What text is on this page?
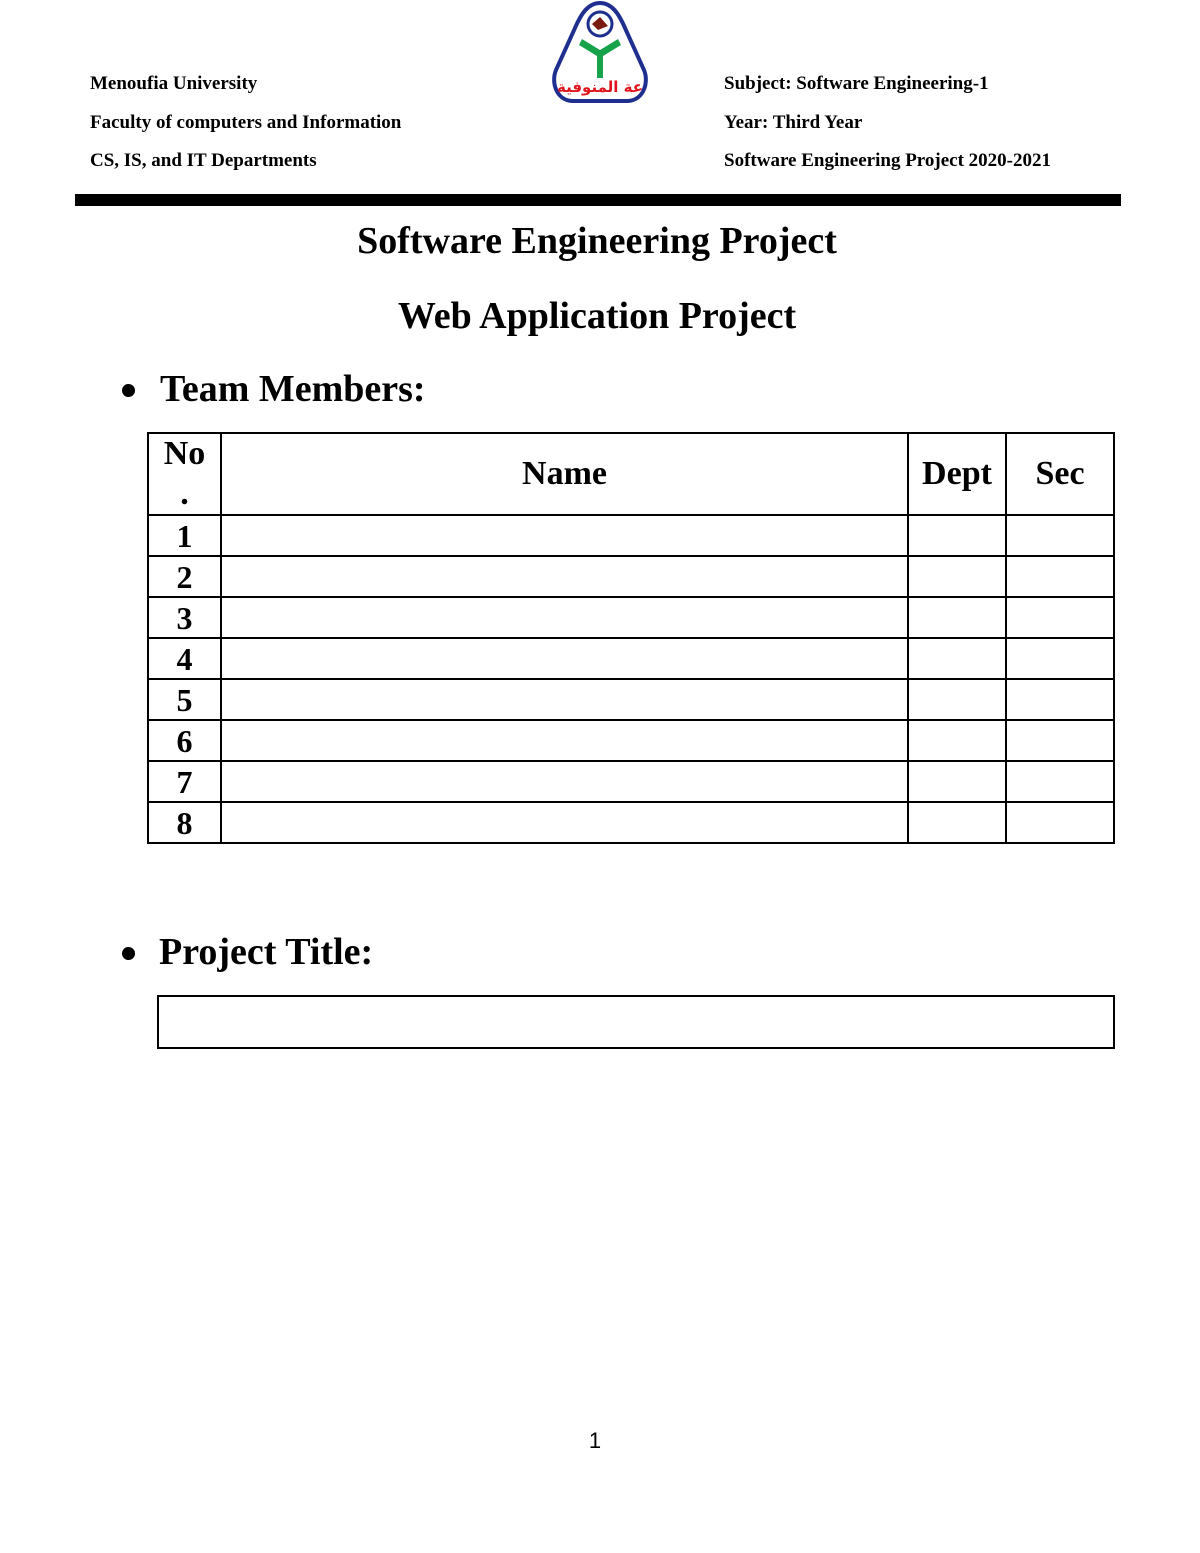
Menoufia University
Faculty of computers and Information
CS, IS, and IT Departments
عة المنوفية	Subject: Software Engineering-1
Year: Third Year
Software Engineering Project 2020-2021
Software Engineering Project
Web Application Project
Team Members:
No
.	Name	Dept	Sec
1			
2			
3			
4			
5			
6			
7			
8			
Project Title:
1
